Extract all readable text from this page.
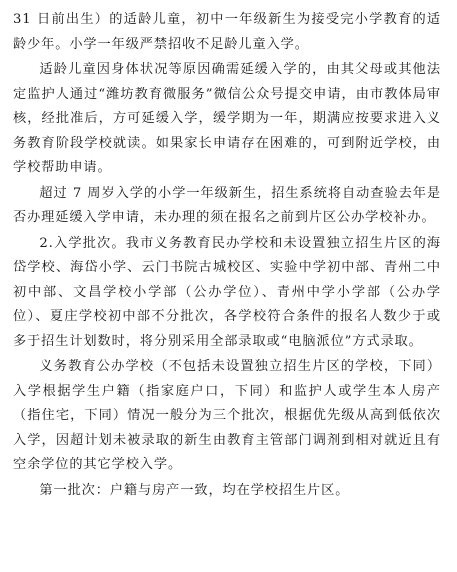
31 日前出生）的适龄儿童，初中一年级新生为接受完小学教育的适龄少年。小学一年级严禁招收不足龄儿童入学。

适龄儿童因身体状况等原因确需延缓入学的，由其父母或其他法定监护人通过“潍坊教育微服务”微信公众号提交申请，由市教体局审核，经批准后，方可延缓入学，缓学期为一年，期满应按要求进入义务教育阶段学校就读。如果家长申请存在困难的，可到附近学校，由学校帮助申请。

超过 7 周岁入学的小学一年级新生，招生系统将自动查验去年是否办理延缓入学申请，未办理的须在报名之前到片区公办学校补办。

2.入学批次。我市义务教育民办学校和未设置独立招生片区的海岱学校、海岱小学、云门书院古城校区、实验中学初中部、青州二中初中部、文昌学校小学部（公办学位）、青州中学小学部（公办学位）、夏庄学校初中部不分批次，各学校符合条件的报名人数少于或多于招生计划数时，将分别采用全部录取或“电脑派位”方式录取。

义务教育公办学校（不包括未设置独立招生片区的学校，下同）入学根据学生户籍（指家庭户口，下同）和监护人或学生本人房产（指住宅，下同）情况一般分为三个批次，根据优先级从高到低依次入学，因超计划未被录取的新生由教育主管部门调剂到相对就近且有空余学位的其它学校入学。

第一批次：户籍与房产一致，均在学校招生片区。
